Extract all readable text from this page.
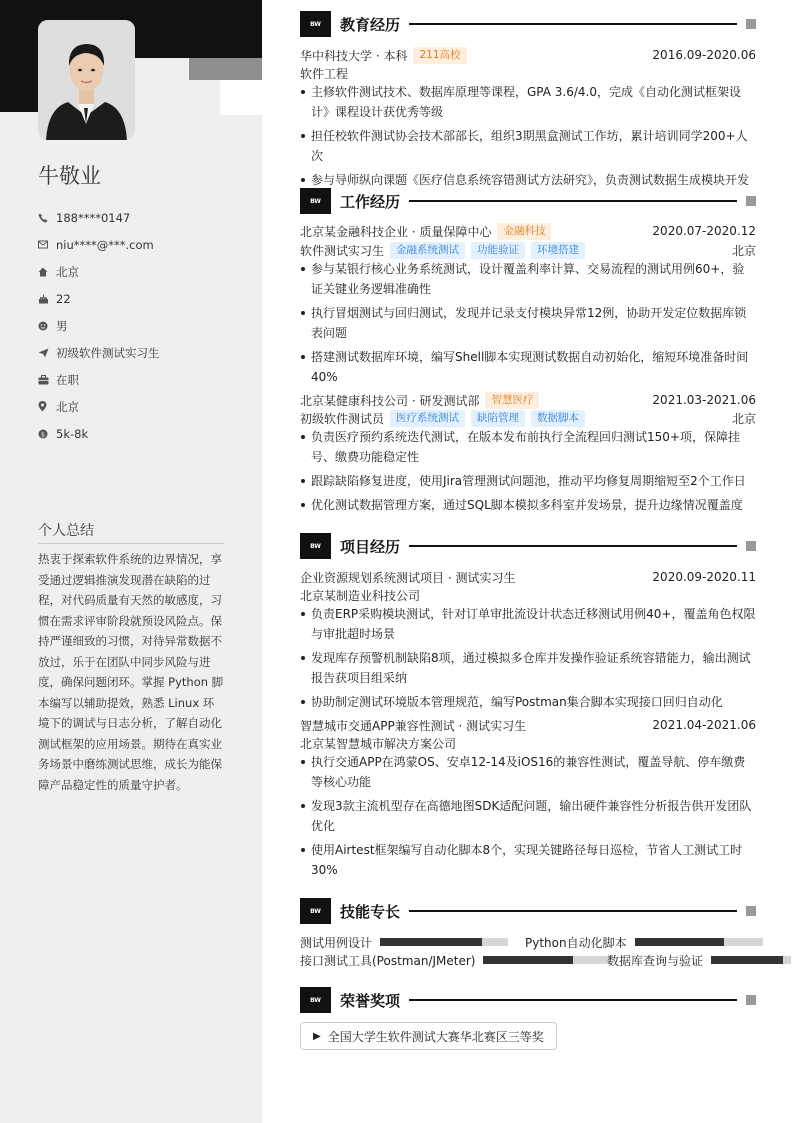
牛敬业
188****0147
niu****@***.com
北京
22
男
初级软件测试实习生
在职
北京
$ 5k-8k
个人总结
热衷于探索软件系统的边界情况，享受通过逻辑推演发现潜在缺陷的过程，对代码质量有天然的敏感度，习惯在需求评审阶段就预设风险点。保持严谨细致的习惯，对待异常数据不放过，乐于在团队中同步风险与进度，确保问题闭环。掌握 Python 脚本编写以辅助提效，熟悉 Linux 环境下的调试与日志分析，了解自动化测试框架的应用场景。期待在真实业务场景中磨练测试思维，成长为能保障产品稳定性的质量守护者。
BW	教育经历
华中科技大学 · 本科	211高校	2016.09-2020.06
软件工程
主修软件测试技术、数据库原理等课程，GPA 3.6/4.0，完成《自动化测试框架设计》课程设计获优秀等级
担任校软件测试协会技术部部长，组织3期黑盒测试工作坊，累计培训同学200+人次
参与导师纵向课题《医疗信息系统容错测试方法研究》，负责测试数据生成模块开发
BW	工作经历
北京某金融科技企业 · 质量保障中心	金融科技	2020.07-2020.12
软件测试实习生	金融系统测试	功能验证	环境搭建	北京
参与某银行核心业务系统测试，设计覆盖利率计算、交易流程的测试用例60+，验证关键业务逻辑准确性
执行冒烟测试与回归测试，发现并记录支付模块异常12例，协助开发定位数据库锁表问题
搭建测试数据库环境，编写Shell脚本实现测试数据自动初始化，缩短环境准备时间40%
北京某健康科技公司 · 研发测试部	智慧医疗	2021.03-2021.06
初级软件测试员	医疗系统测试	缺陷管理	数据脚本	北京
负责医疗预约系统迭代测试，在版本发布前执行全流程回归测试150+项，保障挂号、缴费功能稳定性
跟踪缺陷修复进度，使用Jira管理测试问题池，推动平均修复周期缩短至2个工作日
优化测试数据管理方案，通过SQL脚本模拟多科室并发场景，提升边缘情况覆盖度
BW	项目经历
企业资源规划系统测试项目 · 测试实习生	2020.09-2020.11
北京某制造业科技公司
负责ERP采购模块测试，针对订单审批流设计状态迁移测试用例40+，覆盖角色权限与审批超时场景
发现库存预警机制缺陷8项，通过模拟多仓库并发操作验证系统容错能力，输出测试报告获项目组采纳
协助制定测试环境版本管理规范，编写Postman集合脚本实现接口回归自动化
智慧城市交通APP兼容性测试 · 测试实习生	2021.04-2021.06
北京某智慧城市解决方案公司
执行交通APP在鸿蒙OS、安卓12-14及iOS16的兼容性测试，覆盖导航、停车缴费等核心功能
发现3款主流机型存在高德地图SDK适配问题，输出硬件兼容性分析报告供开发团队优化
使用Airtest框架编写自动化脚本8个，实现关键路径每日巡检，节省人工测试工时30%
BW	技能专长
测试用例设计	Python自动化脚本
接口测试工具(Postman/JMeter)	数据库查询与验证
BW	荣誉奖项
▶ 全国大学生软件测试大赛华北赛区三等奖
